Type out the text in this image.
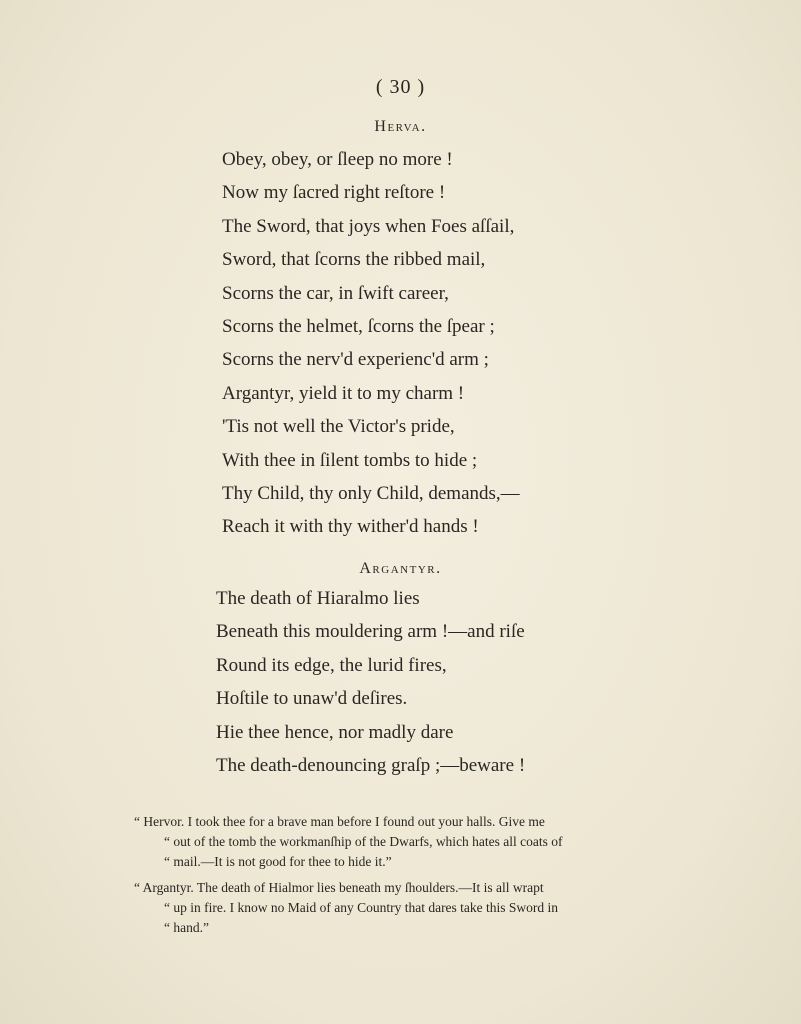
( 30 )
Herva.
Obey, obey, or ſleep no more !
Now my ſacred right reſtore !
The Sword, that joys when Foes aſſail,
Sword, that ſcorns the ribbed mail,
Scorns the car, in ſwift career,
Scorns the helmet, ſcorns the ſpear ;
Scorns the nerv'd experienc'd arm ;
Argantyr, yield it to my charm !
'Tis not well the Victor's pride,
With thee in ſilent tombs to hide ;
Thy Child, thy only Child, demands,—
Reach it with thy wither'd hands !
Argantyr.
The death of Hiaralmo lies
Beneath this mouldering arm !—and riſe
Round its edge, the lurid fires,
Hoſtile to unaw'd deſires.
Hie thee hence, nor madly dare
The death-denouncing graſp ;—beware !
“ Hervor. I took thee for a brave man before I found out your halls. Give me
“ out of the tomb the workmanſhip of the Dwarfs, which hates all coats of
“ mail.—It is not good for thee to hide it.”
“ Argantyr. The death of Hialmor lies beneath my ſhoulders.—It is all wrapt
“ up in fire. I know no Maid of any Country that dares take this Sword in
“ hand.”
